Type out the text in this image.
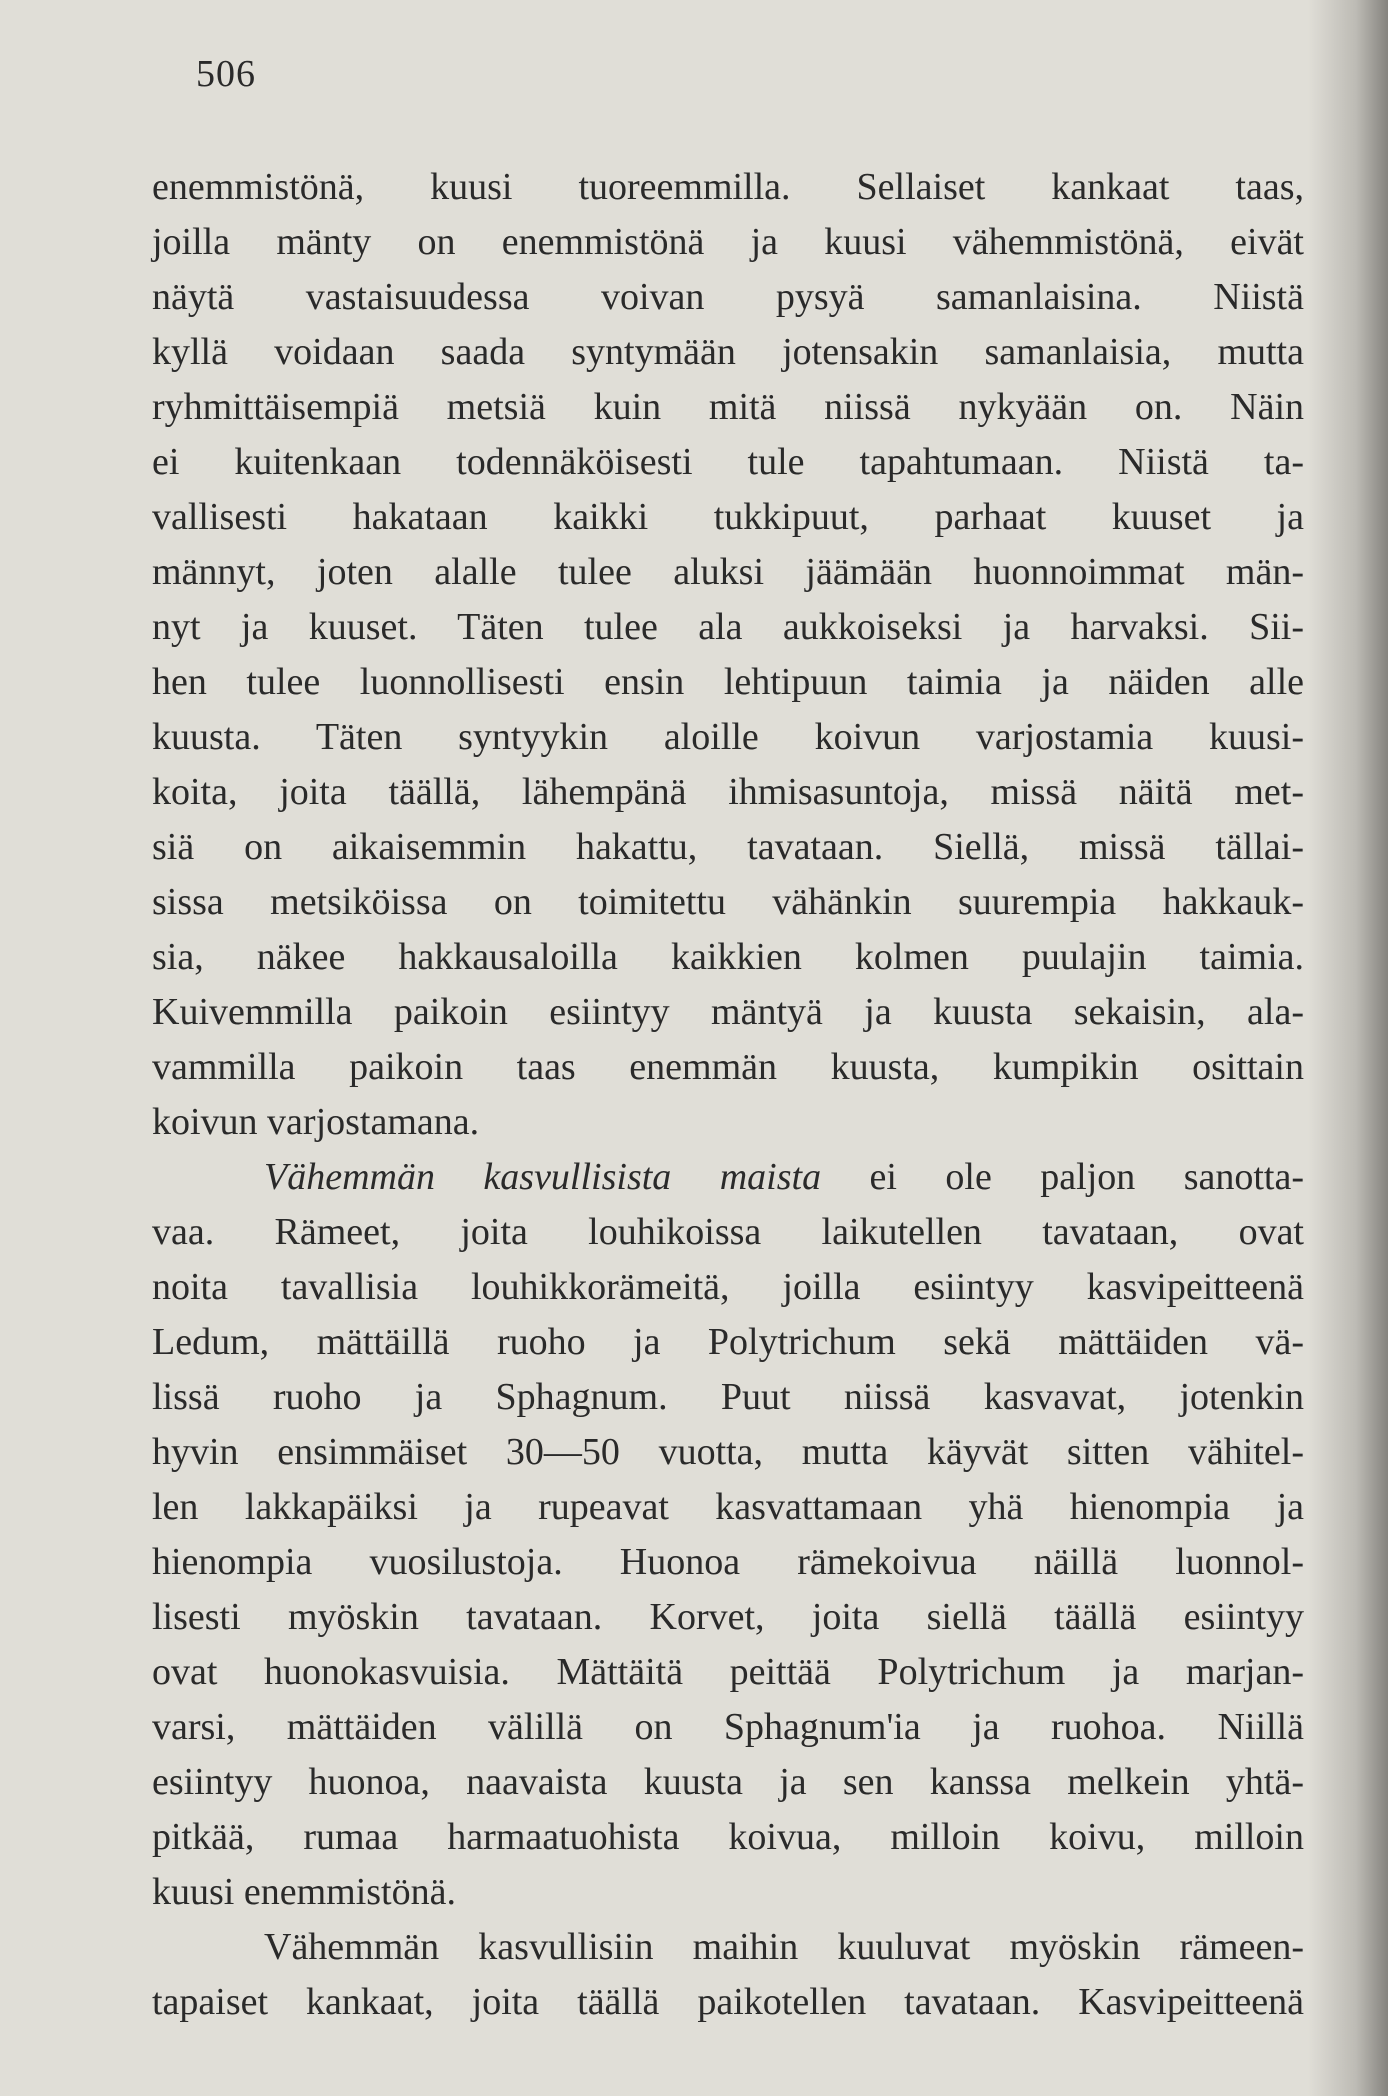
506
enemmistönä, kuusi tuoreemmilla. Sellaiset kankaat taas,
joilla mänty on enemmistönä ja kuusi vähemmistönä, eivät
näytä vastaisuudessa voivan pysyä samanlaisina. Niistä
kyllä voidaan saada syntymään jotensakin samanlaisia, mutta
ryhmittäisempiä metsiä kuin mitä niissä nykyään on. Näin
ei kuitenkaan todennäköisesti tule tapahtumaan. Niistä ta-
vallisesti hakataan kaikki tukkipuut, parhaat kuuset ja
männyt, joten alalle tulee aluksi jäämään huonnoimmat män-
nyt ja kuuset. Täten tulee ala aukkoiseksi ja harvaksi. Sii-
hen tulee luonnollisesti ensin lehtipuun taimia ja näiden alle
kuusta. Täten syntyykin aloille koivun varjostamia kuusi-
koita, joita täällä, lähempänä ihmisasuntoja, missä näitä met-
siä on aikaisemmin hakattu, tavataan. Siellä, missä tällai-
sissa metsiköissa on toimitettu vähänkin suurempia hakkauk-
sia, näkee hakkausaloilla kaikkien kolmen puulajin taimia.
Kuivemmilla paikoin esiintyy mäntyä ja kuusta sekaisin, ala-
vammilla paikoin taas enemmän kuusta, kumpikin osittain
koivun varjostamana.
Vähemmän kasvullisista maista ei ole paljon sanotta-
vaa. Rämeet, joita louhikoissa laikutellen tavataan, ovat
noita tavallisia louhikkorämeitä, joilla esiintyy kasvipeitteenä
Ledum, mättäillä ruoho ja Polytrichum sekä mättäiden vä-
lissä ruoho ja Sphagnum. Puut niissä kasvavat, jotenkin
hyvin ensimmäiset 30—50 vuotta, mutta käyvät sitten vähitel-
len lakkapäiksi ja rupeavat kasvattamaan yhä hienompia ja
hienompia vuosilustoja. Huonoa rämekoivua näillä luonnol-
lisesti myöskin tavataan. Korvet, joita siellä täällä esiintyy
ovat huonokasvuisia. Mättäitä peittää Polytrichum ja marjan-
varsi, mättäiden välillä on Sphagnum'ia ja ruohoa. Niillä
esiintyy huonoa, naavaista kuusta ja sen kanssa melkein yhtä-
pitkää, rumaa harmaatuohista koivua, milloin koivu, milloin
kuusi enemmistönä.
Vähemmän kasvullisiin maihin kuuluvat myöskin rämeen-
tapaiset kankaat, joita täällä paikotellen tavataan. Kasvipeitteenä
